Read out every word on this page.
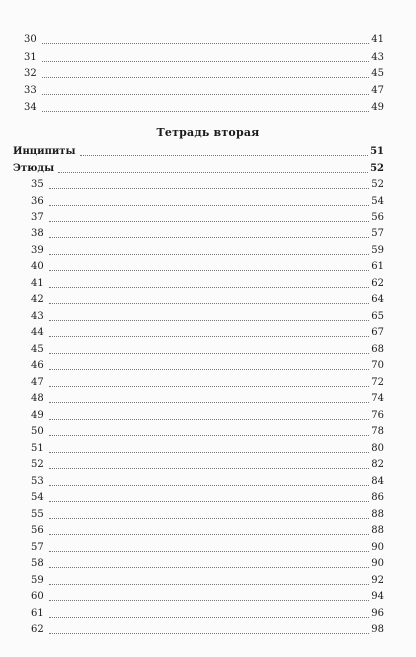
30	41
31	43
32	45
33	47
34	49
Тетрадь вторая
Инципиты	51
Этюды	52
35	52
36	54
37	56
38	57
39	59
40	61
41	62
42	64
43	65
44	67
45	68
46	70
47	72
48	74
49	76
50	78
51	80
52	82
53	84
54	86
55	88
56	88
57	90
58	90
59	92
60	94
61	96
62	98
